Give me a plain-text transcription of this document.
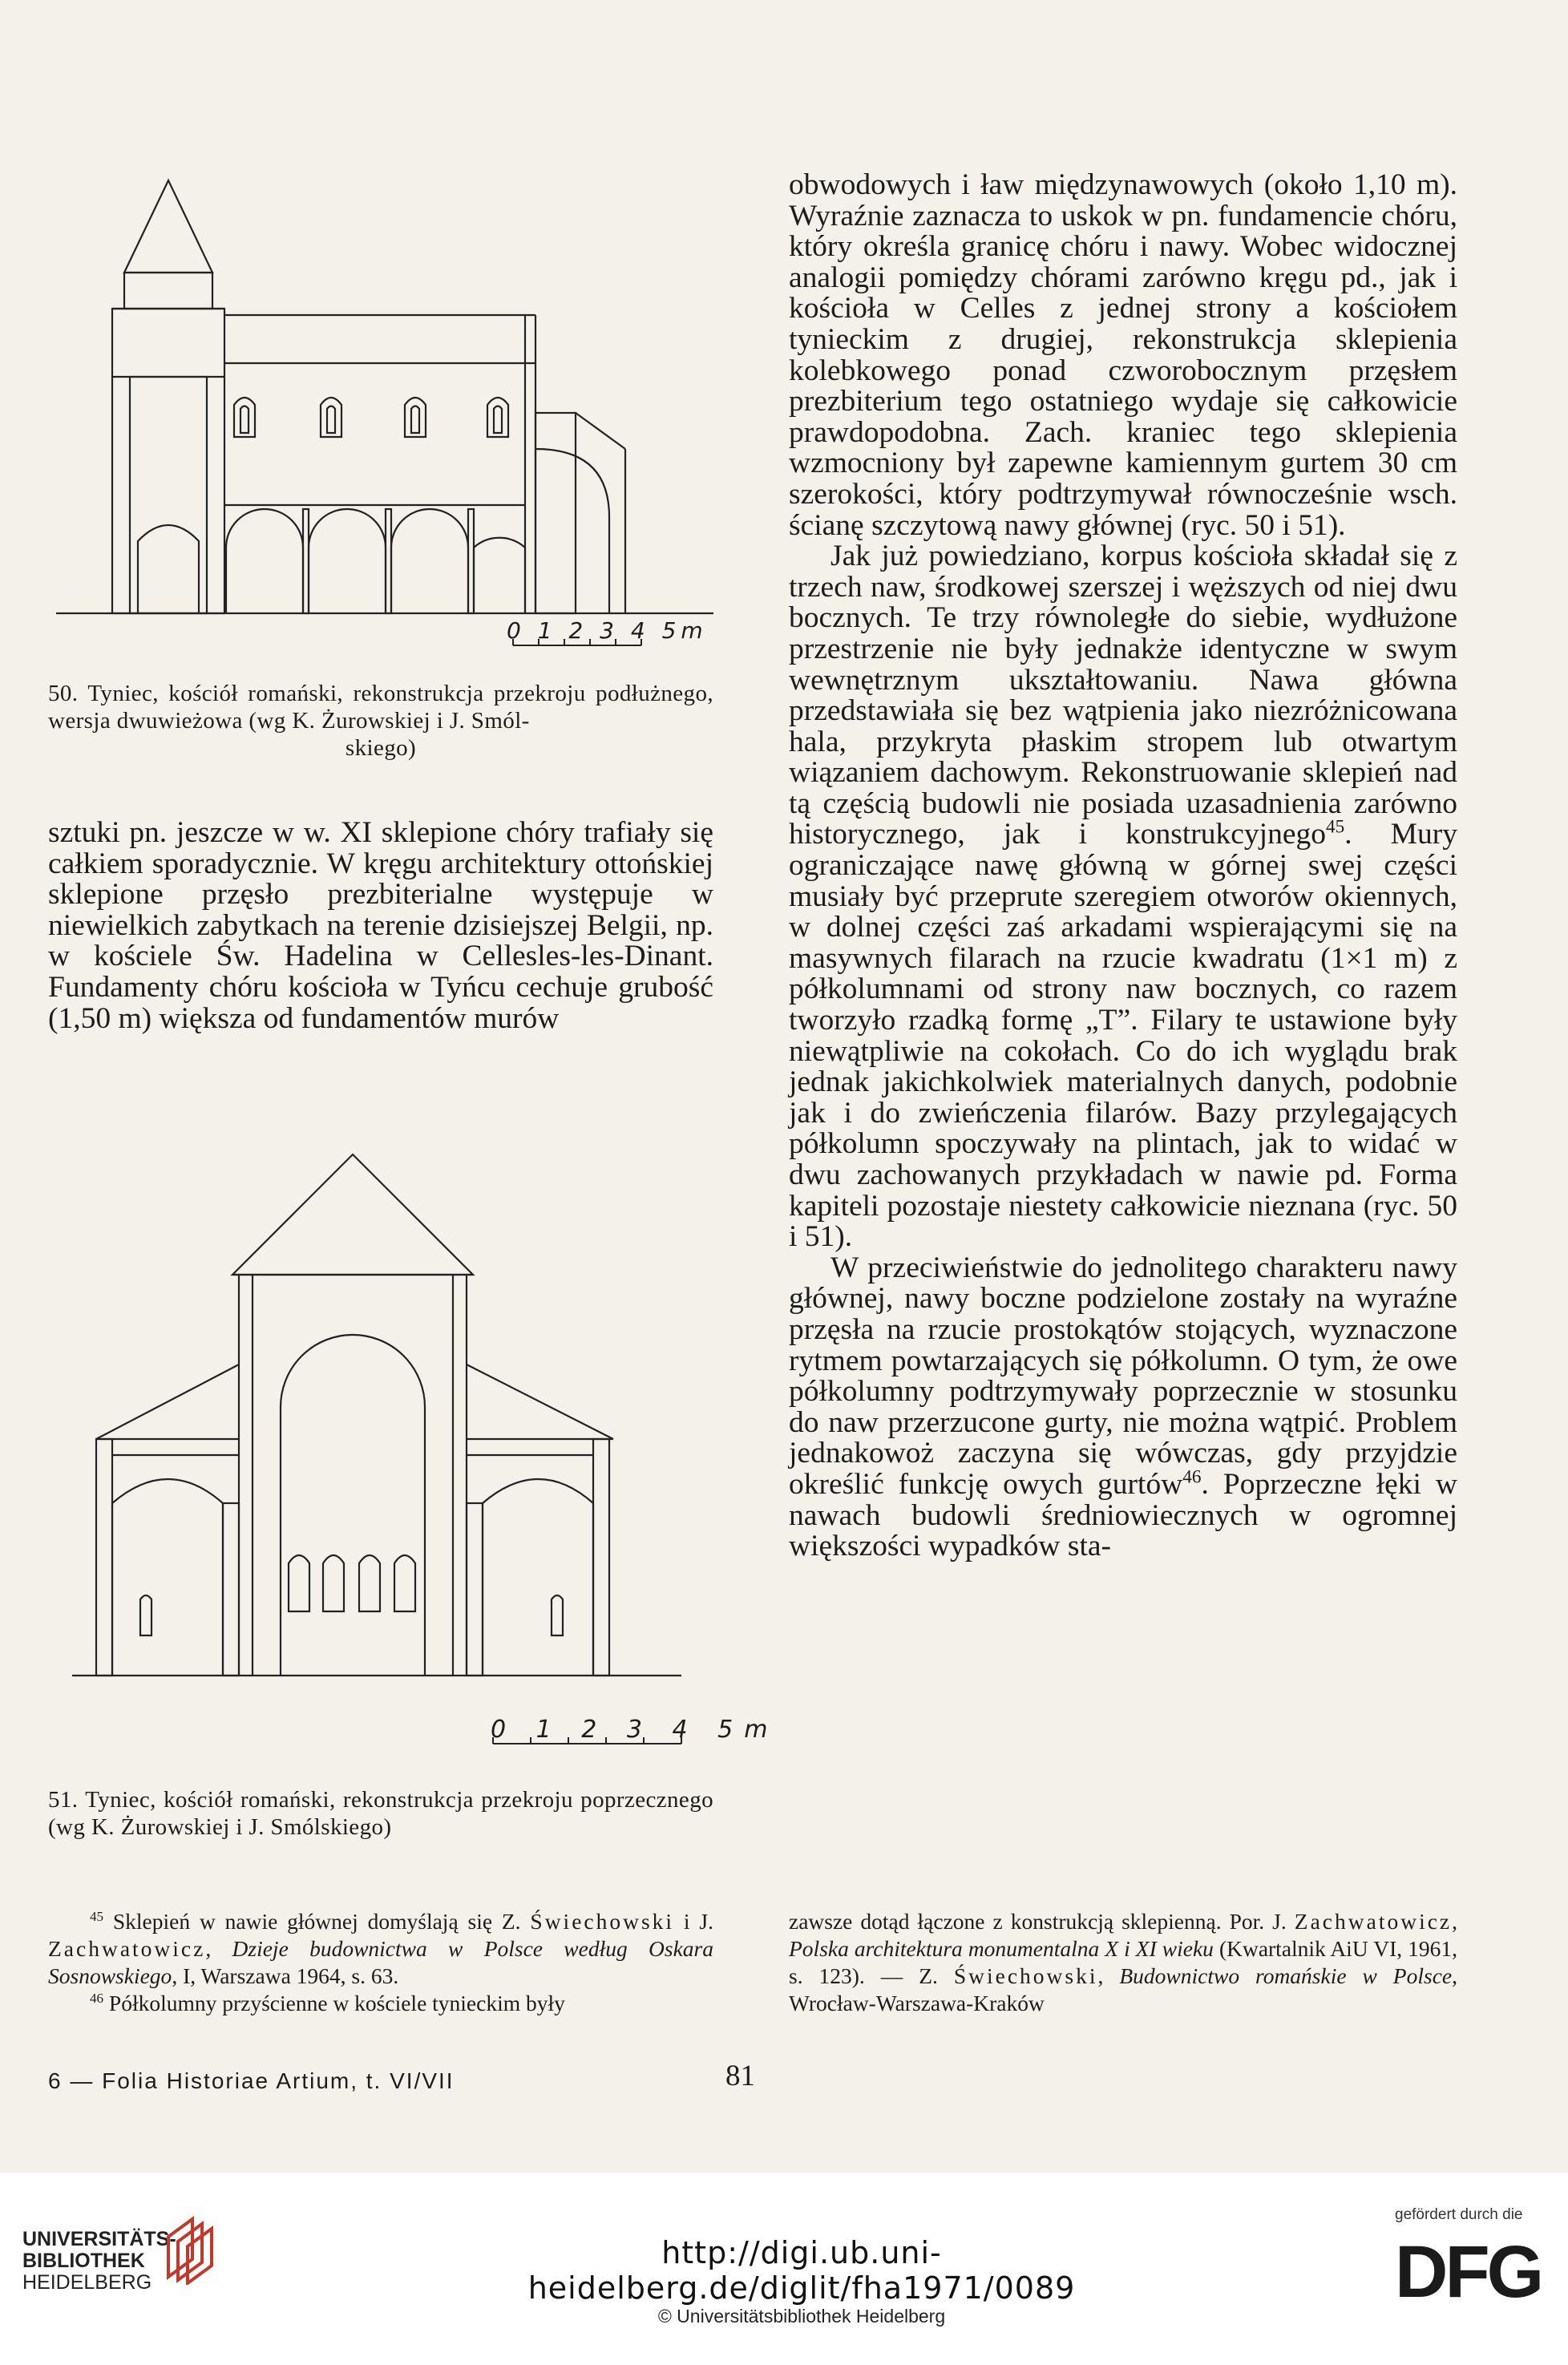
0 1 2 3 4 5m
50. Tyniec, kościół romański, rekonstrukcja przekroju podłużnego, wersja dwuwieżowa (wg K. Żurowskiej i J. Smól-
skiego)
sztuki pn. jeszcze w w. XI sklepione chóry trafiały się całkiem sporadycznie. W kręgu architektury ottońskiej sklepione przęsło prezbiterialne występuje w niewielkich zabytkach na terenie dzisiejszej Belgii, np. w kościele Św. Hadelina w Cellesles-les-Dinant. Fundamenty chóru kościoła w Tyńcu cechuje grubość (1,50 m) większa od fundamentów murów
0 1 2 3 4 5m
51. Tyniec, kościół romański, rekonstrukcja przekroju poprzecznego (wg K. Żurowskiej i J. Smólskiego)

obwodowych i ław międzynawowych (około 1,10 m). Wyraźnie zaznacza to uskok w pn. fundamencie chóru, który określa granicę chóru i nawy. Wobec widocznej analogii pomiędzy chórami zarówno kręgu pd., jak i kościoła w Celles z jednej strony a kościołem tynieckim z drugiej, rekonstrukcja sklepienia kolebkowego ponad czworobocznym przęsłem prezbiterium tego ostatniego wydaje się całkowicie prawdopodobna. Zach. kraniec tego sklepienia wzmocniony był zapewne kamiennym gurtem 30 cm szerokości, który podtrzymywał równocześnie wsch. ścianę szczytową nawy głównej (ryc. 50 i 51).

Jak już powiedziano, korpus kościoła składał się z trzech naw, środkowej szerszej i węższych od niej dwu bocznych. Te trzy równoległe do siebie, wydłużone przestrzenie nie były jednakże identyczne w swym wewnętrznym ukształtowaniu. Nawa główna przedstawiała się bez wątpienia jako niezróżnicowana hala, przykryta płaskim stropem lub otwartym wiązaniem dachowym. Rekonstruowanie sklepień nad tą częścią budowli nie posiada uzasadnienia zarówno historycznego, jak i konstrukcyjnego$^{45}$. Mury ograniczające nawę główną w górnej swej części musiały być przeprute szeregiem otworów okiennych, w dolnej części zaś arkadami wspierającymi się na masywnych filarach na rzucie kwadratu (1×1 m) z półkolumnami od strony naw bocznych, co razem tworzyło rzadką formę „T”. Filary te ustawione były niewątpliwie na cokołach. Co do ich wyglądu brak jednak jakichkolwiek materialnych danych, podobnie jak i do zwieńczenia filarów. Bazy przylegających półkolumn spoczywały na plintach, jak to widać w dwu zachowanych przykładach w nawie pd. Forma kapiteli pozostaje niestety całkowicie nieznana (ryc. 50 i 51).

W przeciwieństwie do jednolitego charakteru nawy głównej, nawy boczne podzielone zostały na wyraźne przęsła na rzucie prostokątów stojących, wyznaczone rytmem powtarzających się półkolumn. O tym, że owe półkolumny podtrzymywały poprzecznie w stosunku do naw przerzucone gurty, nie można wątpić. Problem jednakowoż zaczyna się wówczas, gdy przyjdzie określić funkcję owych gurtów$^{46}$. Poprzeczne łęki w nawach budowli średniowiecznych w ogromnej większości wypadków sta-

$^{45}$ Sklepień w nawie głównej domyślają się Z. Świechowski i J. Zachwatowicz, Dzieje budownictwa w Polsce według Oskara Sosnowskiego, I, Warszawa 1964, s. 63.

$^{46}$ Półkolumny przyścienne w kościele tynieckim były

zawsze dotąd łączone z konstrukcją sklepienną. Por. J. Zachwatowicz, Polska architektura monumentalna X i XI wieku (Kwartalnik AiU VI, 1961, s. 123). — Z. Świechowski, Budownictwo romańskie w Polsce, Wrocław-Warszawa-Kraków

6 — Folia Historiae Artium, t. VI/VII	81
UNIVERSITÄTS-
BIBLIOTHEK
HEIDELBERG
http://digi.ub.uni-heidelberg.de/diglit/fha1971/0089
© Universitätsbibliothek Heidelberg
gefördert durch die
DFG
